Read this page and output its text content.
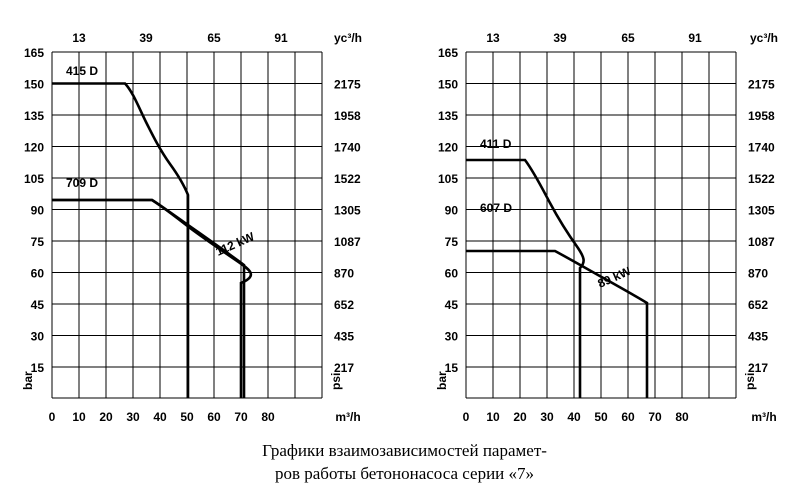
13	39	65	91	yc³/h
165
150
135
120
105
90
75
60
45
30
15
2175
1958
1740
1522
1305
1087
870
652
435
217
0 10 20 30 40 50 60 70 80	m³/h
bar	psi
415 D
709 D
112 kW
13	39	65	91	yc³/h
165
150
135
120
105
90
75
60
45
30
15
2175
1958
1740
1522
1305
1087
870
652
435
217
0 10 20 30 40 50 60 70 80	m³/h
bar	psi
411 D
607 D
89 kW
Графики взаимозависимостей парамет-
ров работы бетононасоса серии «7»
